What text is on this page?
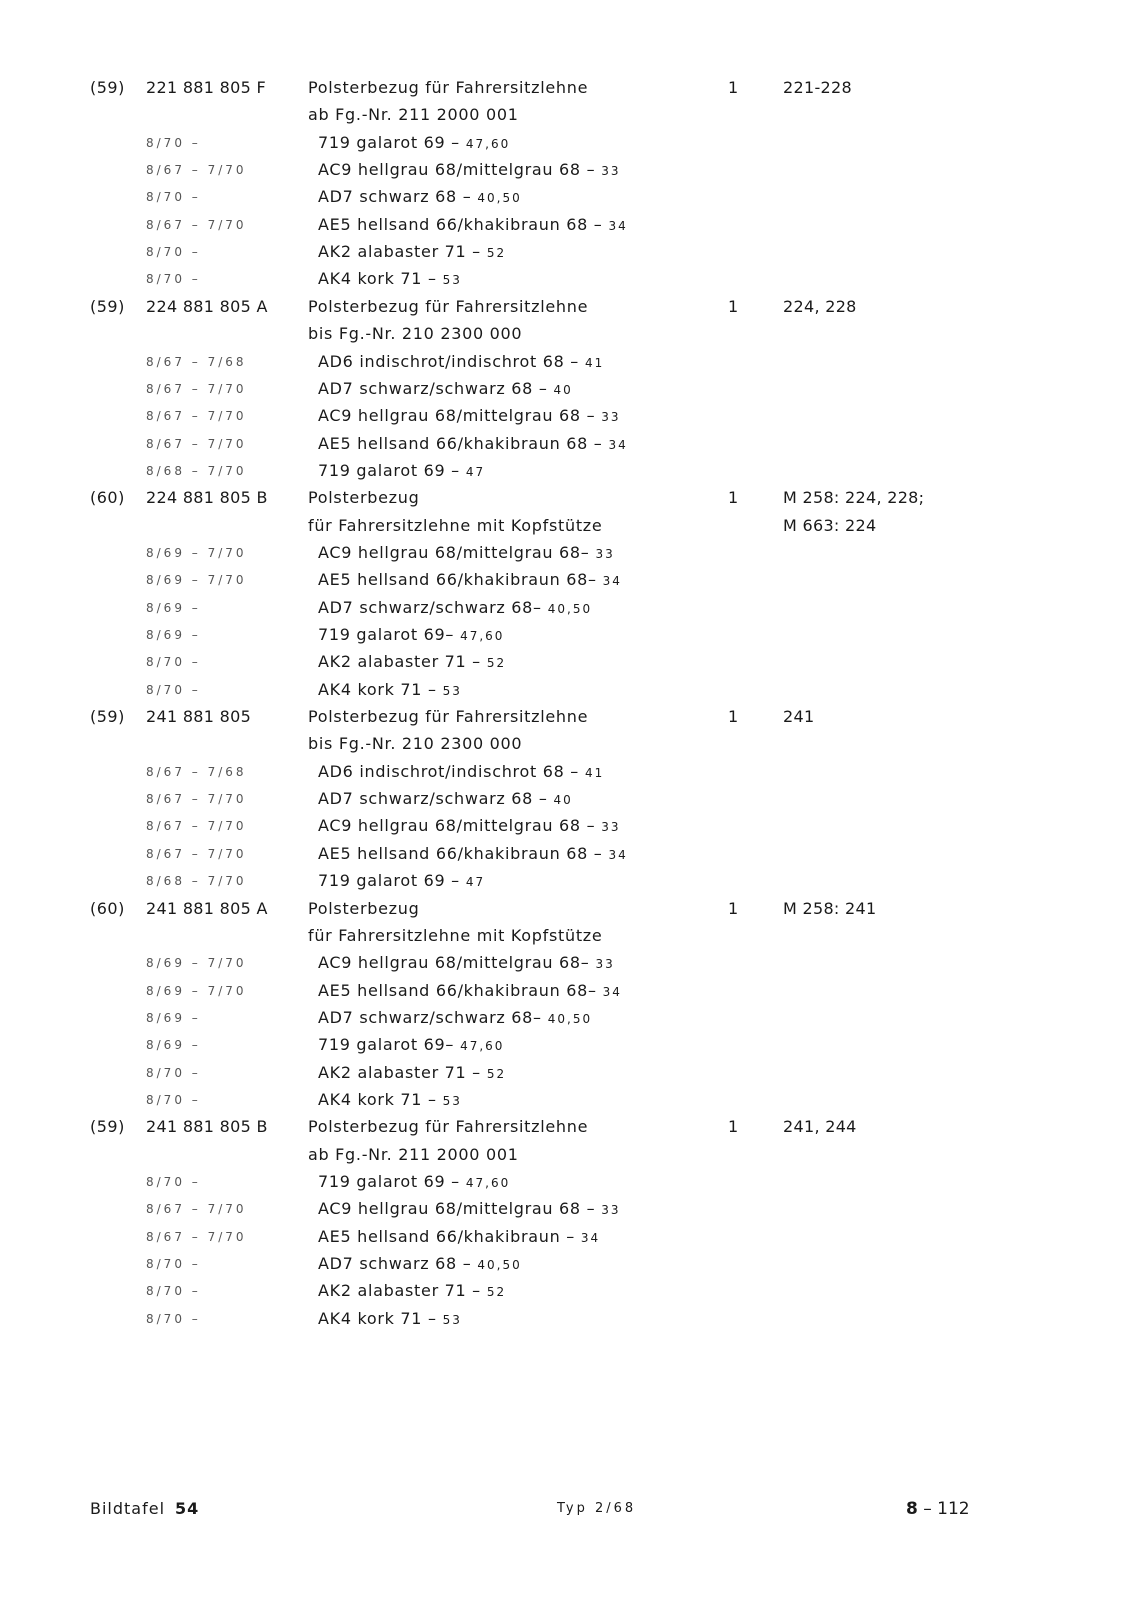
(59) 221 881 805 F	Polsterbezug für Fahrersitzlehne	1	221-228
ab Fg.-Nr. 211 2000 001
8/70 –	719 galarot 69 – 47,60
8/67 – 7/70	AC9 hellgrau 68/mittelgrau 68 – 33
8/70 –	AD7 schwarz 68 – 40,50
8/67 – 7/70	AE5 hellsand 66/khakibraun 68 – 34
8/70 –	AK2 alabaster 71 – 52
8/70 –	AK4 kork 71 – 53
(59) 224 881 805 A	Polsterbezug für Fahrersitzlehne	1	224, 228
bis Fg.-Nr. 210 2300 000
8/67 – 7/68	AD6 indischrot/indischrot 68 – 41
8/67 – 7/70	AD7 schwarz/schwarz 68 – 40
8/67 – 7/70	AC9 hellgrau 68/mittelgrau 68 – 33
8/67 – 7/70	AE5 hellsand 66/khakibraun 68 – 34
8/68 – 7/70	719 galarot 69 – 47
(60) 224 881 805 B	Polsterbezug	1	M 258: 224, 228;
für Fahrersitzlehne mit Kopfstütze	M 663: 224
8/69 – 7/70	AC9 hellgrau 68/mittelgrau 68– 33
8/69 – 7/70	AE5 hellsand 66/khakibraun 68– 34
8/69 –	AD7 schwarz/schwarz 68– 40,50
8/69 –	719 galarot 69– 47,60
8/70 –	AK2 alabaster 71 – 52
8/70 –	AK4 kork 71 – 53
(59) 241 881 805	Polsterbezug für Fahrersitzlehne	1	241
bis Fg.-Nr. 210 2300 000
8/67 – 7/68	AD6 indischrot/indischrot 68 – 41
8/67 – 7/70	AD7 schwarz/schwarz 68 – 40
8/67 – 7/70	AC9 hellgrau 68/mittelgrau 68 – 33
8/67 – 7/70	AE5 hellsand 66/khakibraun 68 – 34
8/68 – 7/70	719 galarot 69 – 47
(60) 241 881 805 A	Polsterbezug	1	M 258: 241
für Fahrersitzlehne mit Kopfstütze
8/69 – 7/70	AC9 hellgrau 68/mittelgrau 68– 33
8/69 – 7/70	AE5 hellsand 66/khakibraun 68– 34
8/69 –	AD7 schwarz/schwarz 68– 40,50
8/69 –	719 galarot 69– 47,60
8/70 –	AK2 alabaster 71 – 52
8/70 –	AK4 kork 71 – 53
(59) 241 881 805 B	Polsterbezug für Fahrersitzlehne	1	241, 244
ab Fg.-Nr. 211 2000 001
8/70 –	719 galarot 69 – 47,60
8/67 – 7/70	AC9 hellgrau 68/mittelgrau 68 – 33
8/67 – 7/70	AE5 hellsand 66/khakibraun – 34
8/70 –	AD7 schwarz 68 – 40,50
8/70 –	AK2 alabaster 71 – 52
8/70 –	AK4 kork 71 – 53
Bildtafel 54	Typ 2/68	8 – 112
